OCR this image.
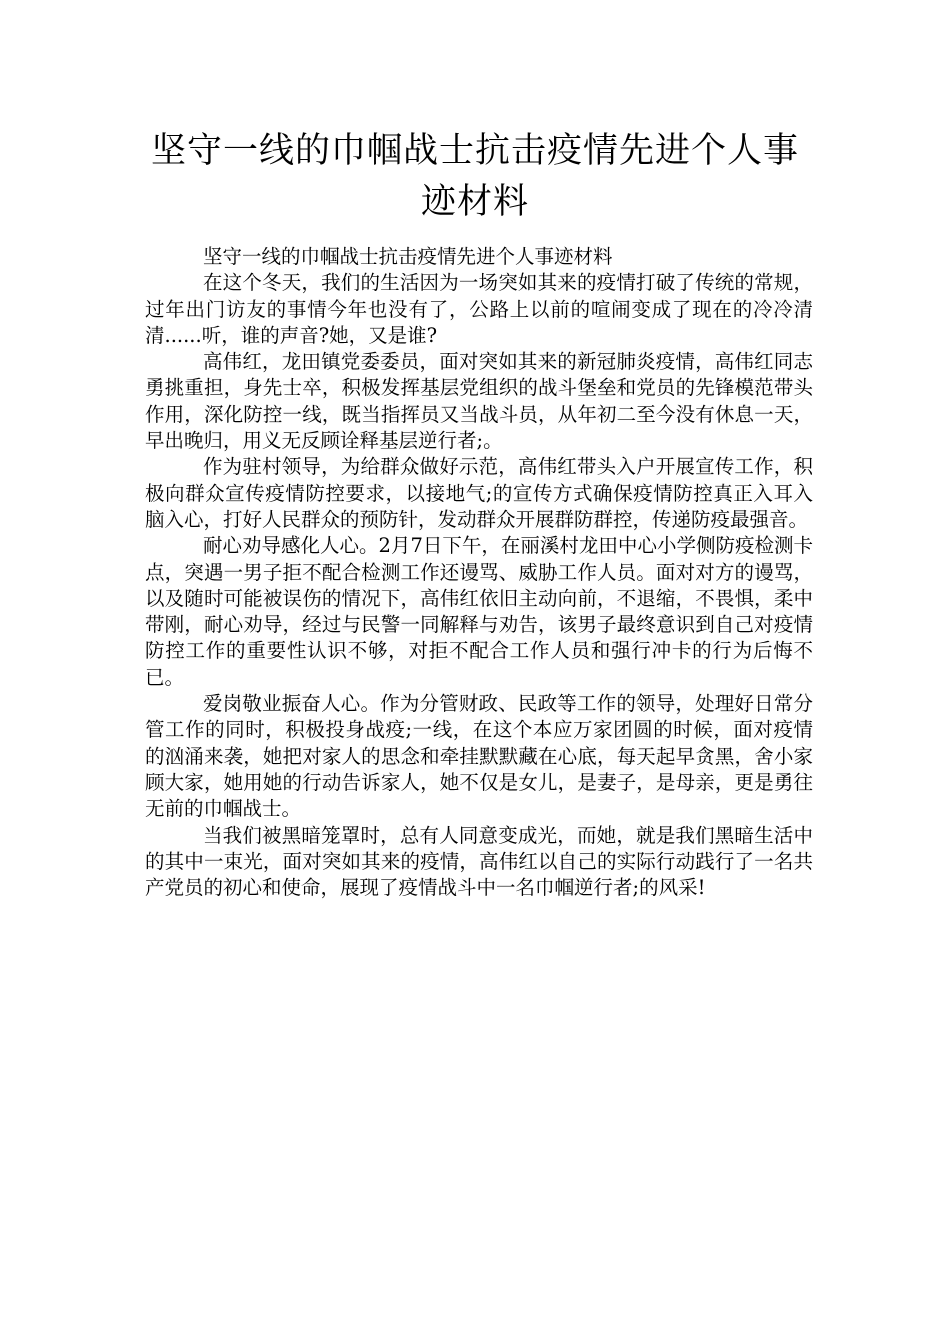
坚守一线的巾帼战士抗击疫情先进个人事
迹材料

坚守一线的巾帼战士抗击疫情先进个人事迹材料

在这个冬天，我们的生活因为一场突如其来的疫情打破了传统的常规，过年出门访友的事情今年也没有了，公路上以前的喧闹变成了现在的冷冷清清......听，谁的声音?她，又是谁?

高伟红，龙田镇党委委员，面对突如其来的新冠肺炎疫情，高伟红同志勇挑重担，身先士卒，积极发挥基层党组织的战斗堡垒和党员的先锋模范带头作用，深化防控一线，既当指挥员又当战斗员，从年初二至今没有休息一天，早出晚归，用义无反顾诠释基层逆行者;。

作为驻村领导，为给群众做好示范，高伟红带头入户开展宣传工作，积极向群众宣传疫情防控要求，以接地气;的宣传方式确保疫情防控真正入耳入脑入心，打好人民群众的预防针，发动群众开展群防群控，传递防疫最强音。

耐心劝导感化人心。2月7日下午，在丽溪村龙田中心小学侧防疫检测卡点，突遇一男子拒不配合检测工作还谩骂、威胁工作人员。面对对方的谩骂，以及随时可能被误伤的情况下，高伟红依旧主动向前，不退缩，不畏惧，柔中带刚，耐心劝导，经过与民警一同解释与劝告，该男子最终意识到自己对疫情防控工作的重要性认识不够，对拒不配合工作人员和强行冲卡的行为后悔不已。

爱岗敬业振奋人心。作为分管财政、民政等工作的领导，处理好日常分管工作的同时，积极投身战疫;一线，在这个本应万家团圆的时候，面对疫情的汹涌来袭，她把对家人的思念和牵挂默默藏在心底，每天起早贪黑，舍小家顾大家，她用她的行动告诉家人，她不仅是女儿，是妻子，是母亲，更是勇往无前的巾帼战士。

当我们被黑暗笼罩时，总有人同意变成光，而她，就是我们黑暗生活中的其中一束光，面对突如其来的疫情，高伟红以自己的实际行动践行了一名共产党员的初心和使命，展现了疫情战斗中一名巾帼逆行者;的风采!
